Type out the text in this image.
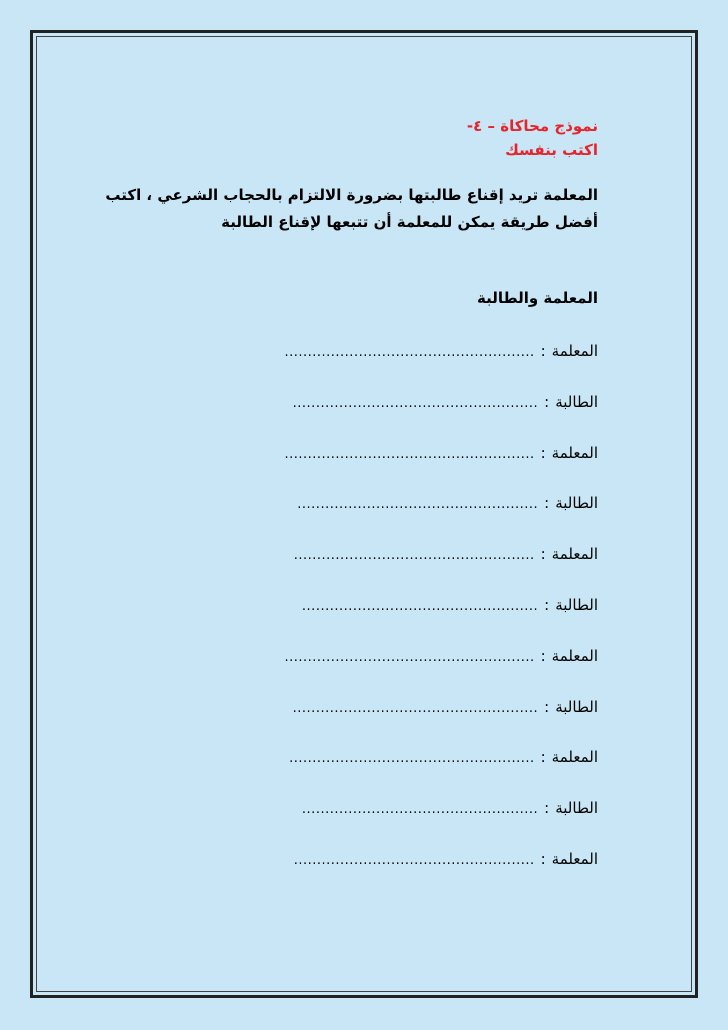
نموذج محاكاة – ٤-
اكتب بنفسك
المعلمة تريد إقناع طالبتها بضرورة الالتزام بالحجاب الشرعي ، اكتب
أفضل طريقة يمكن للمعلمة أن تتبعها لإقناع الطالبة
المعلمة والطالبة
المعلمة
:
......................................................
الطالبة
:
.....................................................
المعلمة
:
......................................................
الطالبة
:
....................................................
المعلمة
:
....................................................
الطالبة
:
...................................................
المعلمة
:
......................................................
الطالبة
:
.....................................................
المعلمة
:
.....................................................
الطالبة
:
...................................................
المعلمة
:
....................................................
